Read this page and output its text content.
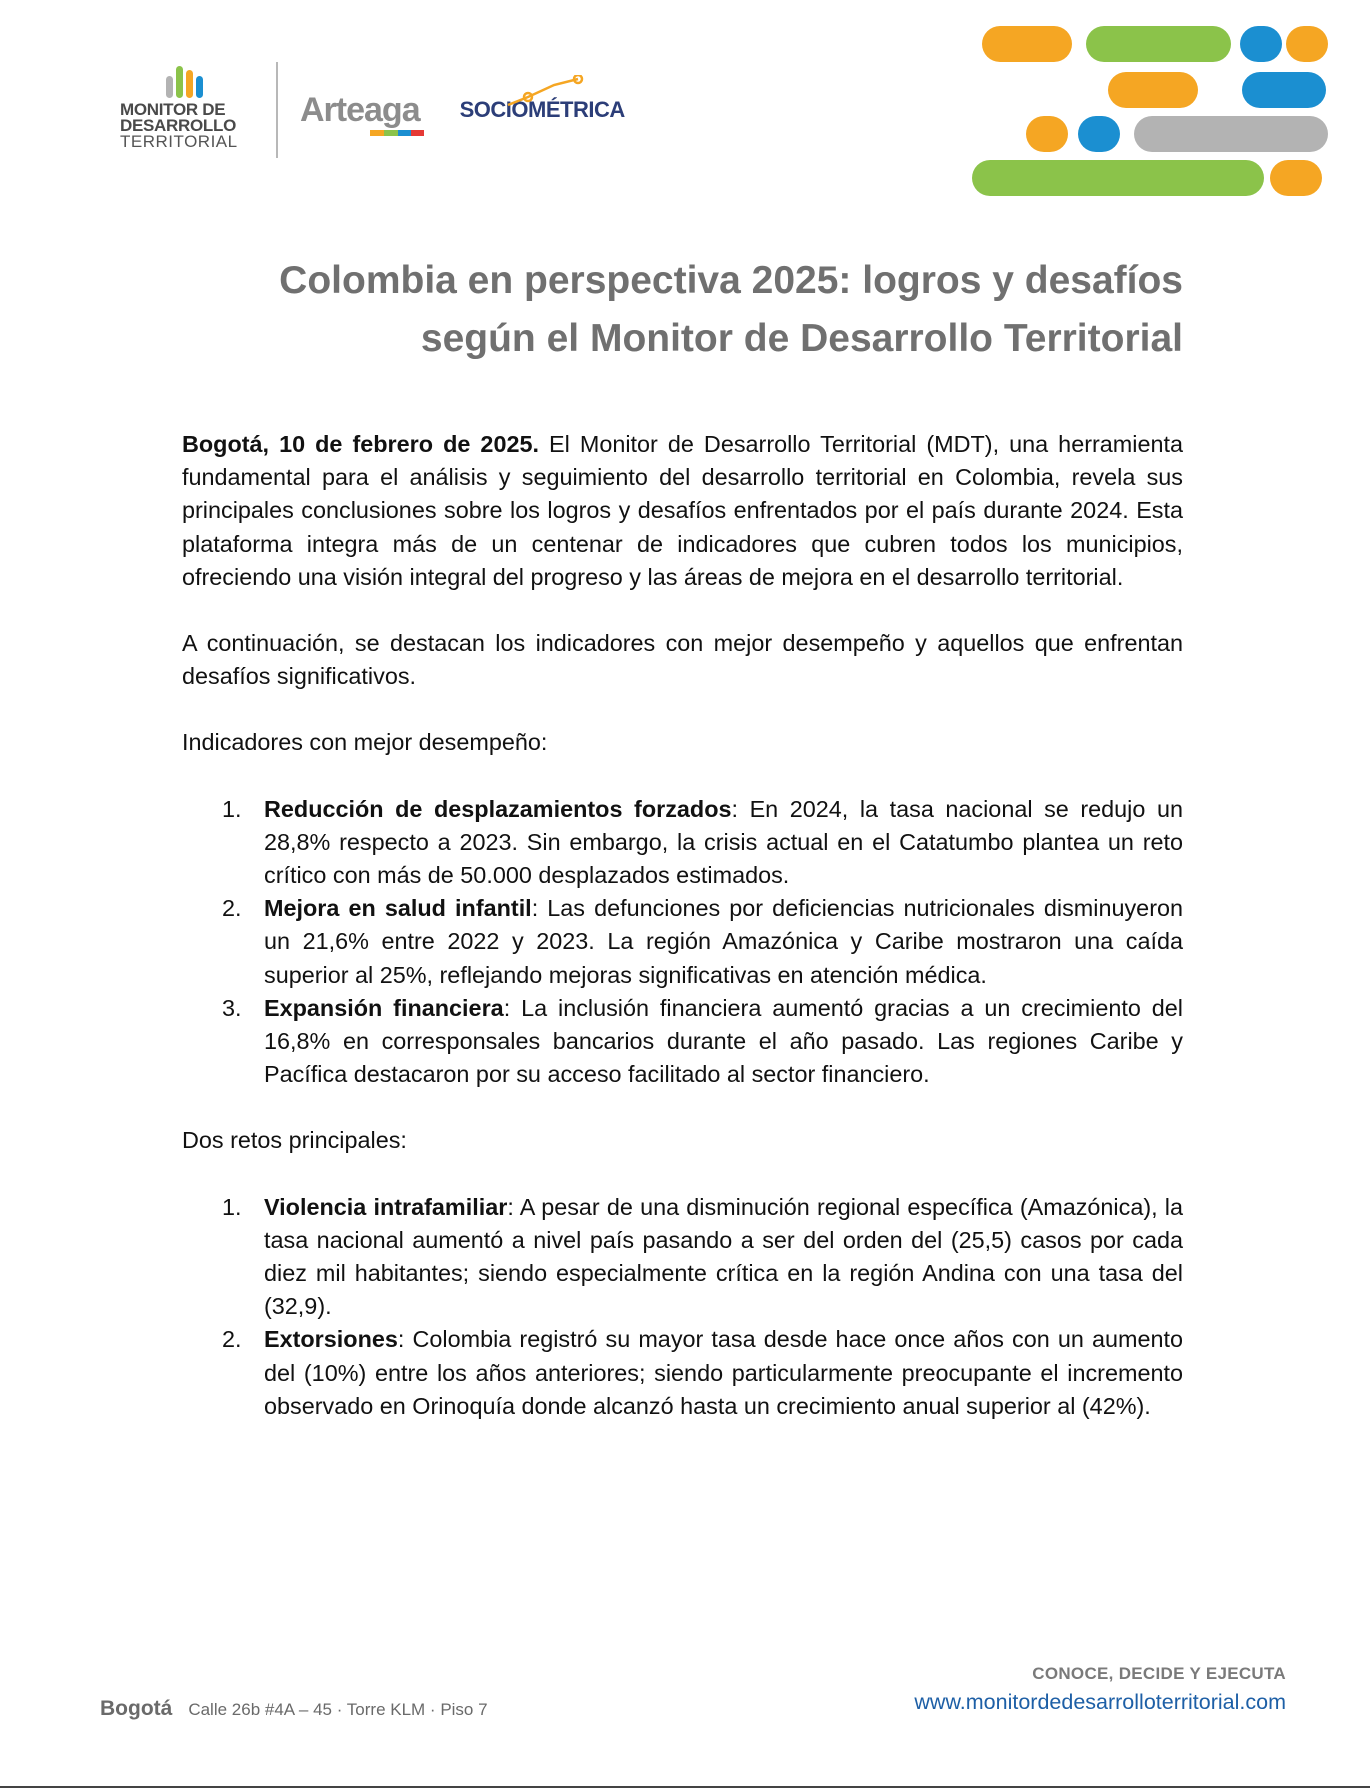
MONITOR DE
DESARROLLO
TERRITORIAL
Arteaga SOCIOMÉTRICA
Colombia en perspectiva 2025: logros y desafíos
según el Monitor de Desarrollo Territorial

Bogotá, 10 de febrero de 2025. El Monitor de Desarrollo Territorial (MDT), una herramienta fundamental para el análisis y seguimiento del desarrollo territorial en Colombia, revela sus principales conclusiones sobre los logros y desafíos enfrentados por el país durante 2024. Esta plataforma integra más de un centenar de indicadores que cubren todos los municipios, ofreciendo una visión integral del progreso y las áreas de mejora en el desarrollo territorial.

A continuación, se destacan los indicadores con mejor desempeño y aquellos que enfrentan desafíos significativos.

Indicadores con mejor desempeño:

1. Reducción de desplazamientos forzados: En 2024, la tasa nacional se redujo un 28,8% respecto a 2023. Sin embargo, la crisis actual en el Catatumbo plantea un reto crítico con más de 50.000 desplazados estimados.
2. Mejora en salud infantil: Las defunciones por deficiencias nutricionales disminuyeron un 21,6% entre 2022 y 2023. La región Amazónica y Caribe mostraron una caída superior al 25%, reflejando mejoras significativas en atención médica.
3. Expansión financiera: La inclusión financiera aumentó gracias a un crecimiento del 16,8% en corresponsales bancarios durante el año pasado. Las regiones Caribe y Pacífica destacaron por su acceso facilitado al sector financiero.

Dos retos principales:

1. Violencia intrafamiliar: A pesar de una disminución regional específica (Amazónica), la tasa nacional aumentó a nivel país pasando a ser del orden del (25,5) casos por cada diez mil habitantes; siendo especialmente crítica en la región Andina con una tasa del (32,9).
2. Extorsiones: Colombia registró su mayor tasa desde hace once años con un aumento del (10%) entre los años anteriores; siendo particularmente preocupante el incremento observado en Orinoquía donde alcanzó hasta un crecimiento anual superior al (42%).
Bogotá Calle 26b #4A – 45 · Torre KLM · Piso 7
CONOCE, DECIDE Y EJECUTA
www.monitordedesarrolloterritorial.com
